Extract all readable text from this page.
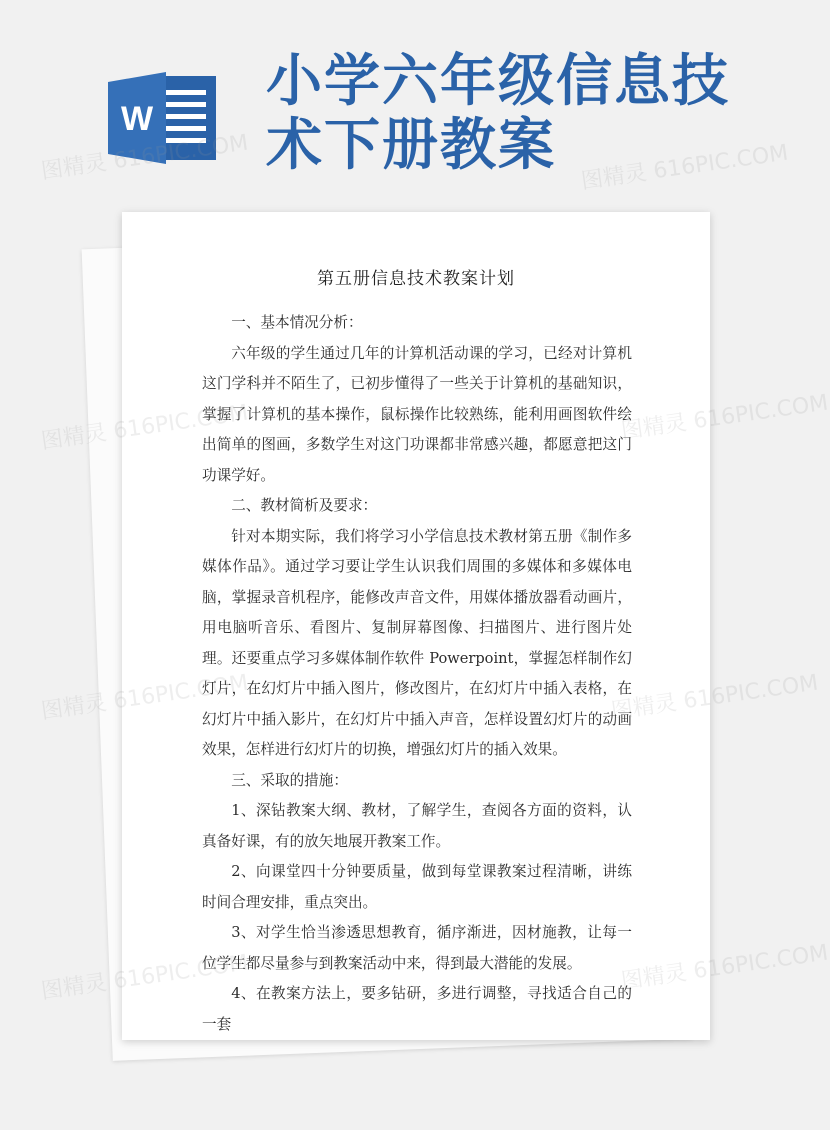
W
小学六年级信息技术下册教案
第五册信息技术教案计划
一、基本情况分析：

六年级的学生通过几年的计算机活动课的学习，已经对计算机这门学科并不陌生了，已初步懂得了一些关于计算机的基础知识，掌握了计算机的基本操作，鼠标操作比较熟练，能利用画图软件绘出简单的图画，多数学生对这门功课都非常感兴趣，都愿意把这门功课学好。

二、教材简析及要求：

针对本期实际，我们将学习小学信息技术教材第五册《制作多媒体作品》。通过学习要让学生认识我们周围的多媒体和多媒体电脑，掌握录音机程序，能修改声音文件，用媒体播放器看动画片，用电脑听音乐、看图片、复制屏幕图像、扫描图片、进行图片处理。还要重点学习多媒体制作软件 Powerpoint，掌握怎样制作幻灯片，在幻灯片中插入图片，修改图片，在幻灯片中插入表格，在幻灯片中插入影片，在幻灯片中插入声音，怎样设置幻灯片的动画效果，怎样进行幻灯片的切换，增强幻灯片的插入效果。

三、采取的措施：

1、深钻教案大纲、教材，了解学生，查阅各方面的资料，认真备好课，有的放矢地展开教案工作。

2、向课堂四十分钟要质量，做到每堂课教案过程清晰，讲练时间合理安排，重点突出。

3、对学生恰当渗透思想教育，循序渐进，因材施教，让每一位学生都尽量参与到教案活动中来，得到最大潜能的发展。

4、在教案方法上，要多钻研，多进行调整，寻找适合自己的一套

图精灵	图精灵 616PIC.COM
图精灵	图精灵 616PIC.COM
图精灵	图精灵 616PIC.COM
图精灵	图精灵 616PIC.COM
